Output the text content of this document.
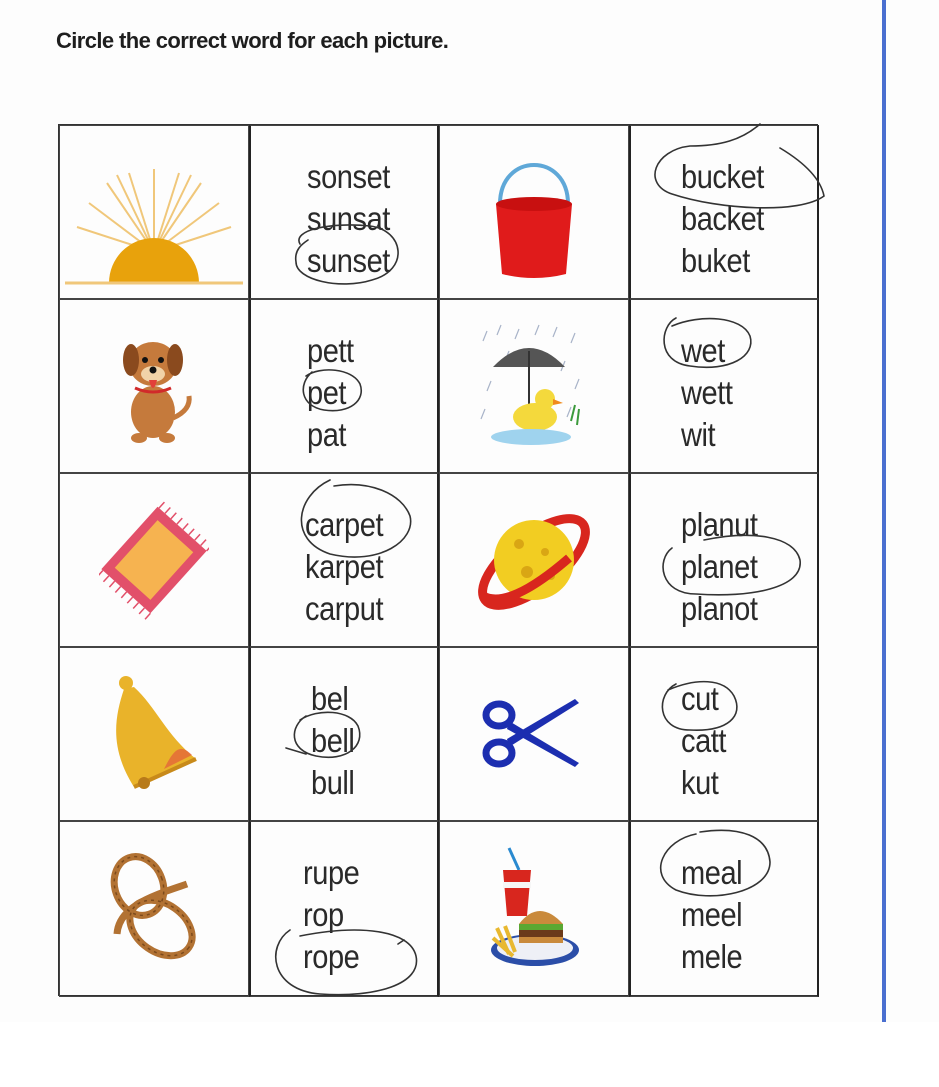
Circle the correct word for each picture.
sonset
sunsat
sunset
bucket
backet
buket
pett
pet
pat
wet
wett
wit
carpet
karpet
carput
planut
planet
planot
bel
bell
bull
cut
catt
kut
rupe
rop
rope
meal
meel
mele
